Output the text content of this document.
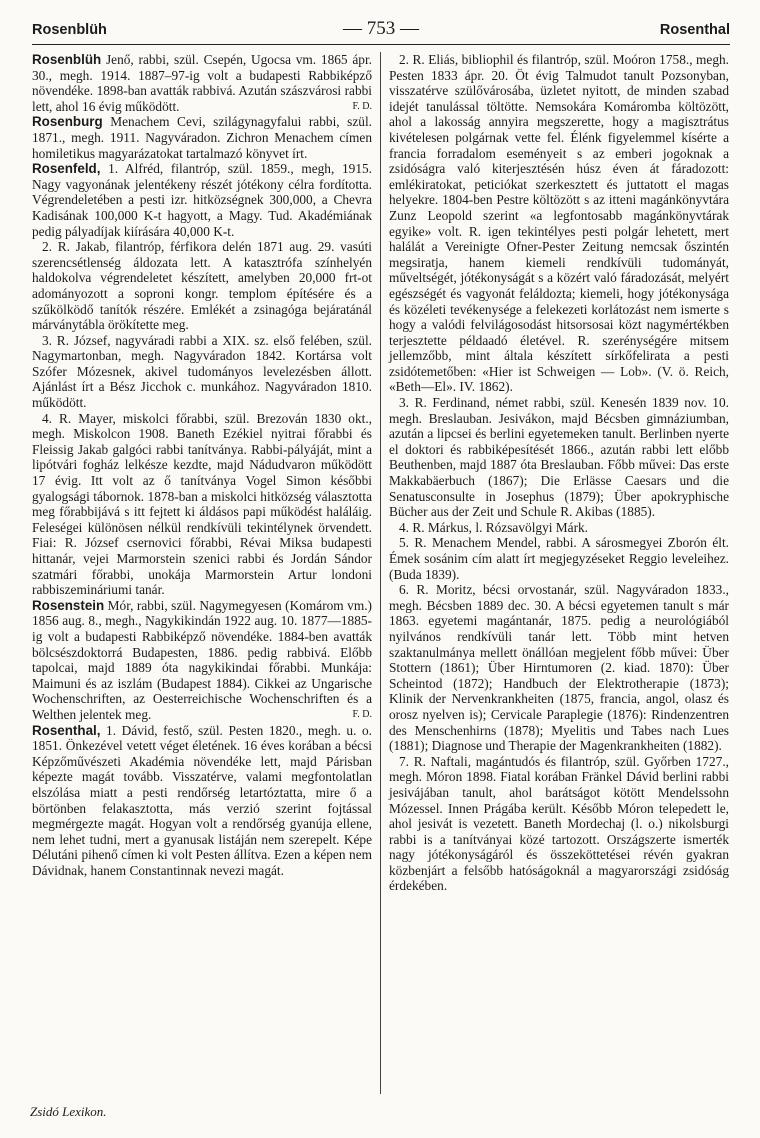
Rosenblüh	— 753 —	Rosenthal

Rosenblüh Jenő, rabbi, szül. Csepén, Ugocsa vm. 1865 ápr. 30., megh. 1914. 1887–97-ig volt a budapesti Rabbiképző növendéke. 1898-ban avatták rabbivá. Azután szászvárosi rabbi lett, ahol 16 évig működött.	F. D.

Rosenburg Menachem Cevi, szilágynagyfalui rabbi, szül. 1871., megh. 1911. Nagyváradon. Zichron Menachem címen homiletikus magyarázatokat tartalmazó könyvet írt.

Rosenfeld, 1. Alfréd, filantróp, szül. 1859., megh, 1915. Nagy vagyonának jelentékeny részét jótékony célra fordította. Végrendeletében a pesti izr. hitközségnek 300,000, a Chevra Kadisának 100,000 K-t hagyott, a Magy. Tud. Akadémiának pedig pályadíjak kiírására 40,000 K-t.

2. R. Jakab, filantróp, férfikora delén 1871 aug. 29. vasúti szerencsétlenség áldozata lett. A katasztrófa színhelyén haldokolva végrendeletet készített, amelyben 20,000 frt-ot adományozott a soproni kongr. templom építésére és a szűkölködő tanítók részére. Emlékét a zsinagóga bejáratánál márványtábla örökítette meg.

3. R. József, nagyváradi rabbi a XIX. sz. első felében, szül. Nagymartonban, megh. Nagyváradon 1842. Kortársa volt Szófer Mózesnek, akivel tudományos levelezésben állott. Ajánlást írt a Bész Jicchok c. munkához. Nagyváradon 1810. működött.

4. R. Mayer, miskolci főrabbi, szül. Brezován 1830 okt., megh. Miskolcon 1908. Baneth Ezékiel nyitrai főrabbi és Fleissig Jakab galgóci rabbi tanítványa. Rabbi-pályáját, mint a lipótvári fogház lelkésze kezdte, majd Nádudvaron működött 17 évig. Itt volt az ő tanítványa Vogel Simon későbbi gyalogsági tábornok. 1878-ban a miskolci hitközség választotta meg főrabbijává s itt fejtett ki áldásos papi működést haláláig. Feleségei különösen nélkül rendkívüli tekintélynek örvendett. Fiai: R. József csernovici főrabbi, Révai Miksa budapesti hittanár, vejei Marmorstein szenici rabbi és Jordán Sándor szatmári főrabbi, unokája Marmorstein Artur londoni rabbiszemináriumi tanár.

Rosenstein Mór, rabbi, szül. Nagymegyesen (Komárom vm.) 1856 aug. 8., megh., Nagykikindán 1922 aug. 10. 1877—1885-ig volt a budapesti Rabbiképző növendéke. 1884-ben avatták bölcsészdoktorrá Budapesten, 1886. pedig rabbivá. Előbb tapolcai, majd 1889 óta nagykikindai főrabbi. Munkája: Maimuni és az iszlám (Budapest 1884). Cikkei az Ungarische Wochenschriften, az Oesterreichische Wochenschriften és a Welthen jelentek meg.	F. D.

Rosenthal, 1. Dávid, festő, szül. Pesten 1820., megh. u. o. 1851. Önkezével vetett véget életének. 16 éves korában a bécsi Képzőművészeti Akadémia növendéke lett, majd Párisban képezte magát tovább. Visszatérve, valami megfontolatlan elszólása miatt a pesti rendőrség letartóztatta, mire ő a börtönben felakasztotta, más verzió szerint fojtással megmérgezte magát. Hogyan volt a rendőrség gyanúja ellene, nem lehet tudni, mert a gyanusak listáján nem szerepelt. Képe Délutáni pihenő címen ki volt Pesten állítva. Ezen a képen nem Dávidnak, hanem Constantinnak nevezi magát.

2. R. Eliás, bibliophil és filantróp, szül. Moóron 1758., megh. Pesten 1833 ápr. 20. Öt évig Talmudot tanult Pozsonyban, visszatérve szülővárosába, üzletet nyitott, de minden szabad idejét tanulással töltötte. Nemsokára Komáromba költözött, ahol a lakosság annyira megszerette, hogy a magisztrátus kivételesen polgárnak vette fel. Élénk figyelemmel kísérte a francia forradalom eseményeit s az emberi jogoknak a zsidóságra való kiterjesztésén húsz éven át fáradozott: emlékiratokat, peticiókat szerkesztett és juttatott el magas helyekre. 1804-ben Pestre költözött s az itteni magánkönyvtára Zunz Leopold szerint «a legfontosabb magánkönyvtárak egyike» volt. R. igen tekintélyes pesti polgár lehetett, mert halálát a Vereinigte Ofner-Pester Zeitung nemcsak őszintén megsiratja, hanem kiemeli rendkívüli tudományát, műveltségét, jótékonyságát s a közért való fáradozását, melyért egészségét és vagyonát feláldozta; kiemeli, hogy jótékonysága és közéleti tevékenysége a felekezeti korlátozást nem ismerte s hogy a valódi felvilágosodást hitsorsosai közt nagymértékben terjesztette példaadó életével. R. szerénységére mitsem jellemzőbb, mint általa készített sírkőfelirata a pesti zsidótemetőben: «Hier ist Schweigen — Lob». (V. ö. Reich, «Beth—El». IV. 1862).

3. R. Ferdinand, német rabbi, szül. Kenesén 1839 nov. 10. megh. Breslauban. Jesivákon, majd Bécsben gimnáziumban, azután a lipcsei és berlini egyetemeken tanult. Berlinben nyerte el doktori és rabbiképesítését 1866., azután rabbi lett előbb Beuthenben, majd 1887 óta Breslauban. Főbb művei: Das erste Makkabäerbuch (1867); Die Erlässe Caesars und die Senatusconsulte in Josephus (1879); Über apokryphische Bücher aus der Zeit und Schule R. Akibas (1885).

4. R. Márkus, l. Rózsavölgyi Márk.

5. R. Menachem Mendel, rabbi. A sárosmegyei Zborón élt. Émek sosánim cím alatt írt megjegyzéseket Reggio leveleihez. (Buda 1839).

6. R. Moritz, bécsi orvostanár, szül. Nagyváradon 1833., megh. Bécsben 1889 dec. 30. A bécsi egyetemen tanult s már 1863. egyetemi magántanár, 1875. pedig a neurológiából nyilvános rendkívüli tanár lett. Több mint hetven szaktanulmánya mellett önállóan megjelent főbb művei: Über Stottern (1861); Über Hirntumoren (2. kiad. 1870): Über Scheintod (1872); Handbuch der Elektrotherapie (1873); Klinik der Nervenkrankheiten (1875, francia, angol, olasz és orosz nyelven is); Cervicale Paraplegie (1876): Rindenzentren des Menschenhirns (1878); Myelitis und Tabes nach Lues (1881); Diagnose und Therapie der Magenkrankheiten (1882).

7. R. Naftali, magántudós és filantróp, szül. Győrben 1727., megh. Móron 1898. Fiatal korában Fränkel Dávid berlini rabbi jesivájában tanult, ahol barátságot kötött Mendelssohn Mózessel. Innen Prágába került. Később Móron telepedett le, ahol jesivát is vezetett. Baneth Mordechaj (l. o.) nikolsburgi rabbi is a tanítványai közé tartozott. Országszerte ismerték nagy jótékonyságáról és összeköttetései révén gyakran közbenjárt a felsőbb hatóságoknál a magyarországi zsidóság érdekében.

Zsidó Lexikon.
